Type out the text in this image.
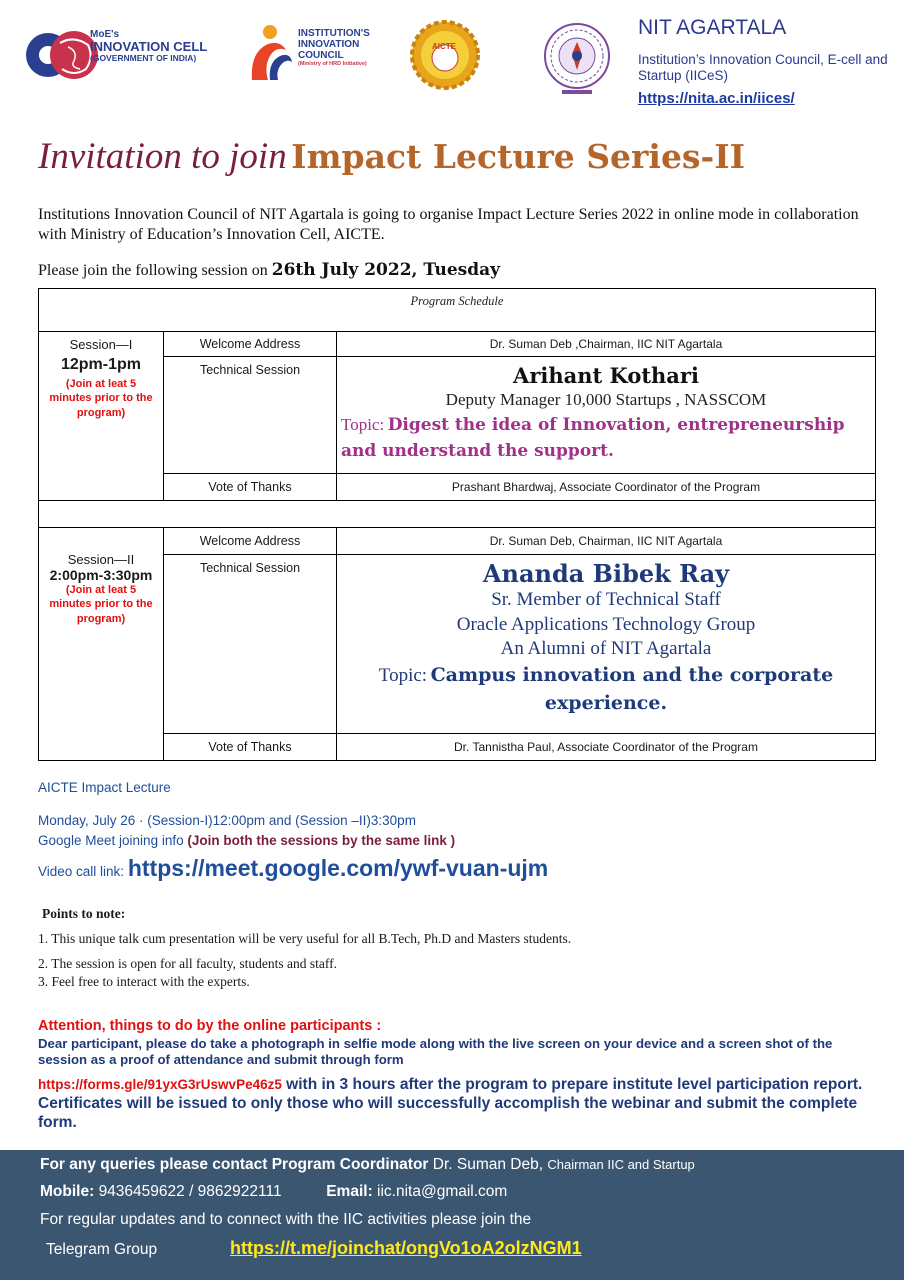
MoE's
INNOVATION CELL
(GOVERNMENT OF INDIA)
INSTITUTION'S
INNOVATION
COUNCIL
(Ministry of HRD Initiative)
AICTE
NIT AGARTALA
Institution’s Innovation Council, E-cell and Startup (IICeS)
https://nita.ac.in/iices/
Invitation to join Impact Lecture Series-II
Institutions Innovation Council of NIT Agartala is going to organise Impact Lecture Series 2022 in online mode in collaboration with Ministry of Education’s Innovation Cell, AICTE.
Please join the following session on 26th July 2022, Tuesday
Program Schedule		

Session—I
12pm-1pm
(Join at leat 5 minutes prior to the program)	Welcome Address	Dr. Suman Deb ,Chairman, IIC NIT Agartala
	Technical Session	Arihant Kothari
Deputy Manager 10,000 Startups , NASSCOM
Topic: Digest the idea of Innovation, entrepreneurship and understand the support.

	Vote of Thanks	Prashant Bhardwaj, Associate Coordinator of the Program

Session—II
2:00pm-3:30pm
(Join at leat 5 minutes prior to the program)	Welcome Address	Dr. Suman Deb, Chairman, IIC NIT Agartala
	Technical Session	Ananda Bibek Ray
Sr. Member of Technical Staff
Oracle Applications Technology Group
An Alumni of NIT Agartala
Topic: Campus innovation and the corporate experience.

	Vote of Thanks	Dr. Tannistha Paul, Associate Coordinator of the Program
AICTE Impact Lecture
Monday, July 26 · (Session-I)12:00pm and (Session –II)3:30pm
Google Meet joining info (Join both the sessions by the same link )
Video call link: https://meet.google.com/ywf-vuan-ujm
Points to note:
1. This unique talk cum presentation will be very useful for all B.Tech, Ph.D and Masters students.
2. The session is open for all faculty, students and staff.
3. Feel free to interact with the experts.
Attention, things to do by the online participants :
Dear participant, please do take a photograph in selfie mode along with the live screen on your device and a screen shot of the session as a proof of attendance and submit through form
https://forms.gle/91yxG3rUswvPe46z5 with in 3 hours after the program to prepare institute level participation report. Certificates will be issued to only those who will successfully accomplish the webinar and submit the complete form.
For any queries please contact Program Coordinator Dr. Suman Deb, Chairman IIC and Startup
Mobile: 9436459622 / 9862922111	Email: iic.nita@gmail.com
For regular updates and to connect with the IIC activities please join the
Telegram Group	https://t.me/joinchat/ongVo1oA2olzNGM1
